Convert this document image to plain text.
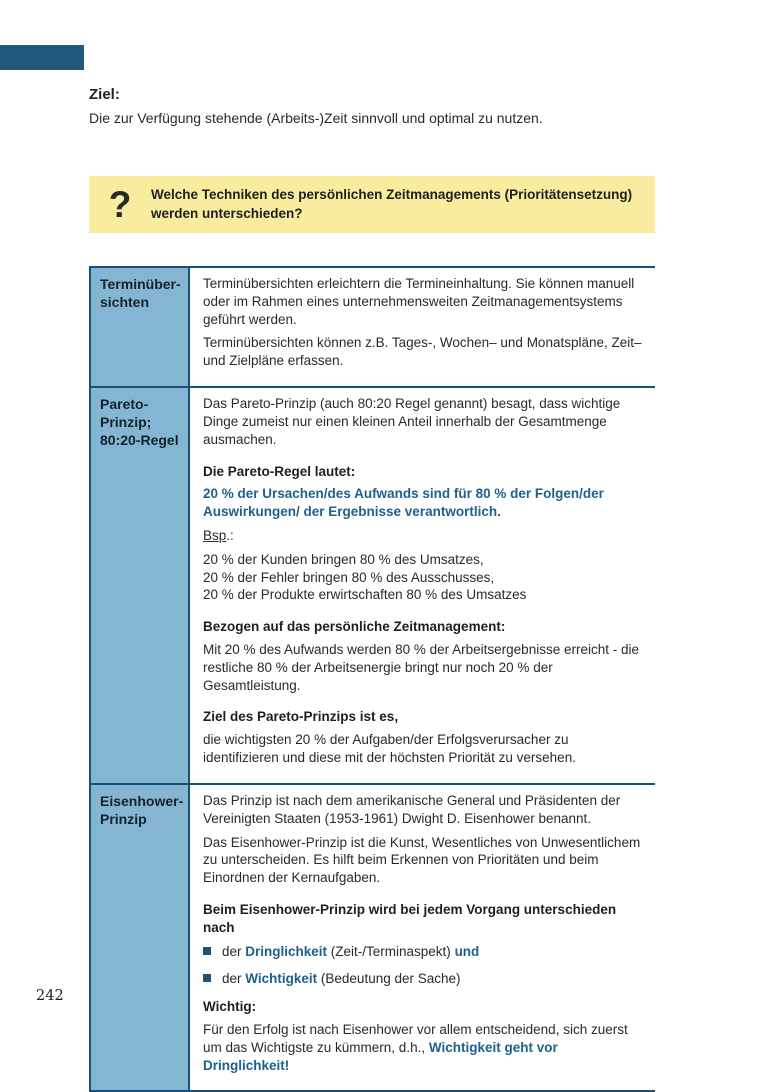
Ziel:

Die zur Verfügung stehende (Arbeits-)Zeit sinnvoll und optimal zu nutzen.

?	Welche Techniken des persönlichen Zeitmanagements (Prioritätensetzung) werden unterschieden?

Terminüber-
sichten

Terminübersichten erleichtern die Termineinhaltung. Sie können manuell oder im Rahmen eines unternehmensweiten Zeitmanagementsystems geführt werden.

Terminübersichten können z.B. Tages-, Wochen– und Monatspläne, Zeit– und Zielpläne erfassen.

Pareto-
Prinzip;
80:20-Regel

Das Pareto-Prinzip (auch 80:20 Regel genannt) besagt, dass wichtige Dinge zumeist nur einen kleinen Anteil innerhalb der Gesamtmenge ausmachen.

Die Pareto-Regel lautet:

20 % der Ursachen/des Aufwands sind für 80 % der Folgen/der Auswirkungen/ der Ergebnisse verantwortlich.

Bsp.:

20 % der Kunden bringen 80 % des Umsatzes,

20 % der Fehler bringen 80 % des Ausschusses,

20 % der Produkte erwirtschaften 80 % des Umsatzes

Bezogen auf das persönliche Zeitmanagement:

Mit 20 % des Aufwands werden 80 % der Arbeitsergebnisse erreicht - die restliche 80 % der Arbeitsenergie bringt nur noch 20 % der Gesamtleistung.

Ziel des Pareto-Prinzips ist es,

die wichtigsten 20 % der Aufgaben/der Erfolgsverursacher zu identifizieren und diese mit der höchsten Priorität zu versehen.

Eisenhower-
Prinzip

Das Prinzip ist nach dem amerikanische General und Präsidenten der Vereinigten Staaten (1953-1961) Dwight D. Eisenhower benannt.

Das Eisenhower-Prinzip ist die Kunst, Wesentliches von Unwesentlichem zu unterscheiden. Es hilft beim Erkennen von Prioritäten und beim Einordnen der Kernaufgaben.

Beim Eisenhower-Prinzip wird bei jedem Vorgang unterschieden nach

der Dringlichkeit (Zeit-/Terminaspekt) und
der Wichtigkeit (Bedeutung der Sache)

Wichtig:

Für den Erfolg ist nach Eisenhower vor allem entscheidend, sich zuerst um das Wichtigste zu kümmern, d.h., Wichtigkeit geht vor Dringlichkeit!

242
